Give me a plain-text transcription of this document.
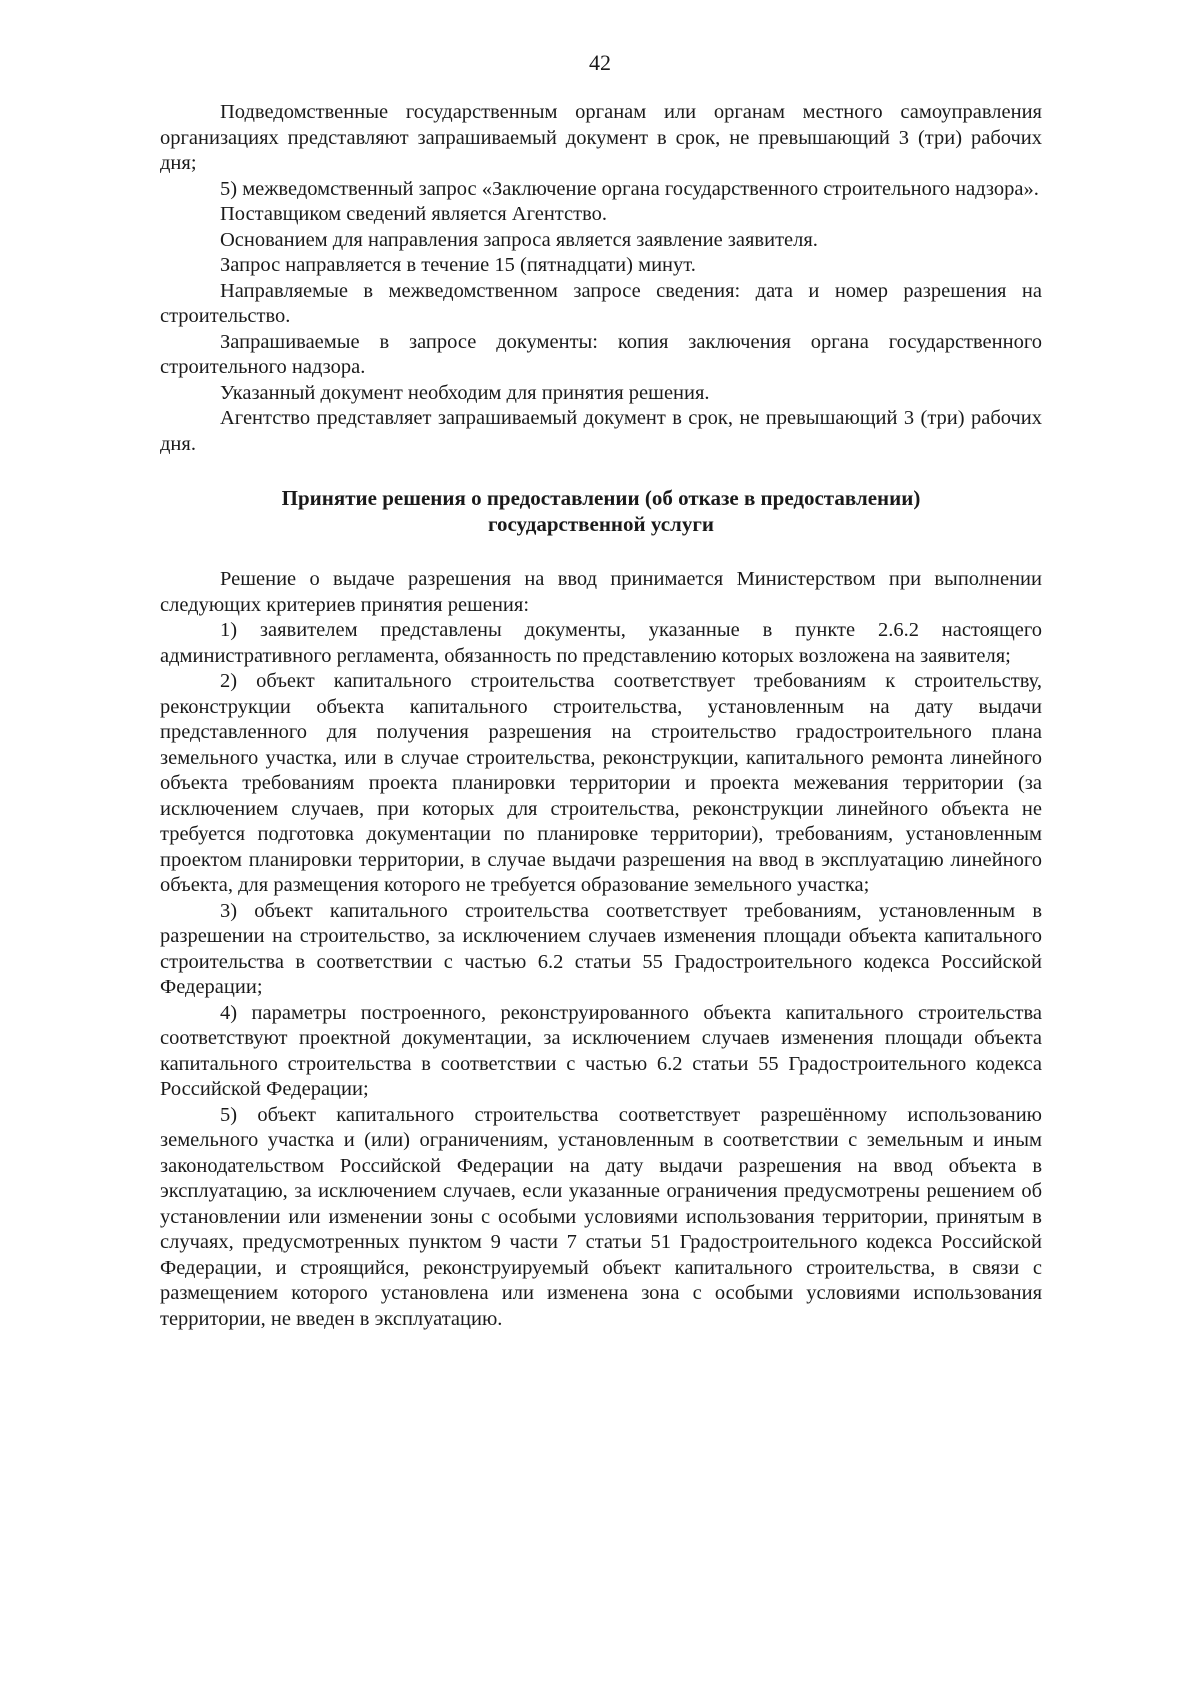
42

Подведомственные государственным органам или органам местного самоуправления организациях представляют запрашиваемый документ в срок, не превышающий 3 (три) рабочих дня;

5) межведомственный запрос «Заключение органа государственного строительного надзора».

Поставщиком сведений является Агентство.

Основанием для направления запроса является заявление заявителя.

Запрос направляется в течение 15 (пятнадцати) минут.

Направляемые в межведомственном запросе сведения: дата и номер разрешения на строительство.

Запрашиваемые в запросе документы: копия заключения органа государственного строительного надзора.

Указанный документ необходим для принятия решения.

Агентство представляет запрашиваемый документ в срок, не превышающий 3 (три) рабочих дня.

Принятие решения о предоставлении (об отказе в предоставлении)
государственной услуги

Решение о выдаче разрешения на ввод принимается Министерством при выполнении следующих критериев принятия решения:

1) заявителем представлены документы, указанные в пункте 2.6.2 настоящего административного регламента, обязанность по представлению которых возложена на заявителя;

2) объект капитального строительства соответствует требованиям к строительству, реконструкции объекта капитального строительства, установленным на дату выдачи представленного для получения разрешения на строительство градостроительного плана земельного участка, или в случае строительства, реконструкции, капитального ремонта линейного объекта требованиям проекта планировки территории и проекта межевания территории (за исключением случаев, при которых для строительства, реконструкции линейного объекта не требуется подготовка документации по планировке территории), требованиям, установленным проектом планировки территории, в случае выдачи разрешения на ввод в эксплуатацию линейного объекта, для размещения которого не требуется образование земельного участка;

3) объект капитального строительства соответствует требованиям, установленным в разрешении на строительство, за исключением случаев изменения площади объекта капитального строительства в соответствии с частью 6.2 статьи 55 Градостроительного кодекса Российской Федерации;

4) параметры построенного, реконструированного объекта капитального строительства соответствуют проектной документации, за исключением случаев изменения площади объекта капитального строительства в соответствии с частью 6.2 статьи 55 Градостроительного кодекса Российской Федерации;

5) объект капитального строительства соответствует разрешённому использованию земельного участка и (или) ограничениям, установленным в соответствии с земельным и иным законодательством Российской Федерации на дату выдачи разрешения на ввод объекта в эксплуатацию, за исключением случаев, если указанные ограничения предусмотрены решением об установлении или изменении зоны с особыми условиями использования территории, принятым в случаях, предусмотренных пунктом 9 части 7 статьи 51 Градостроительного кодекса Российской Федерации, и строящийся, реконструируемый объект капитального строительства, в связи с размещением которого установлена или изменена зона с особыми условиями использования территории, не введен в эксплуатацию.
